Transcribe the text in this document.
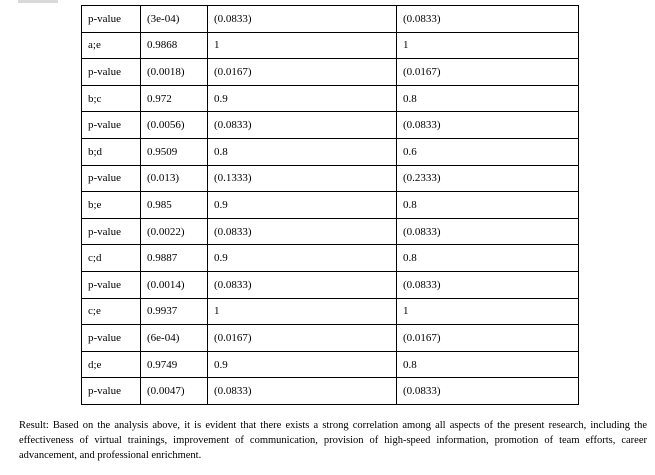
p-value	(3e-04)	(0.0833)	(0.0833)
a;e	0.9868	1	1
p-value	(0.0018)	(0.0167)	(0.0167)
b;c	0.972	0.9	0.8
p-value	(0.0056)	(0.0833)	(0.0833)
b;d	0.9509	0.8	0.6
p-value	(0.013)	(0.1333)	(0.2333)
b;e	0.985	0.9	0.8
p-value	(0.0022)	(0.0833)	(0.0833)
c;d	0.9887	0.9	0.8
p-value	(0.0014)	(0.0833)	(0.0833)
c;e	0.9937	1	1
p-value	(6e-04)	(0.0167)	(0.0167)
d;e	0.9749	0.9	0.8
p-value	(0.0047)	(0.0833)	(0.0833)

Result: Based on the analysis above, it is evident that there exists a strong correlation among all aspects of the present research, including the effectiveness of virtual trainings, improvement of communication, provision of high-speed information, promotion of team efforts, career advancement, and professional enrichment.
